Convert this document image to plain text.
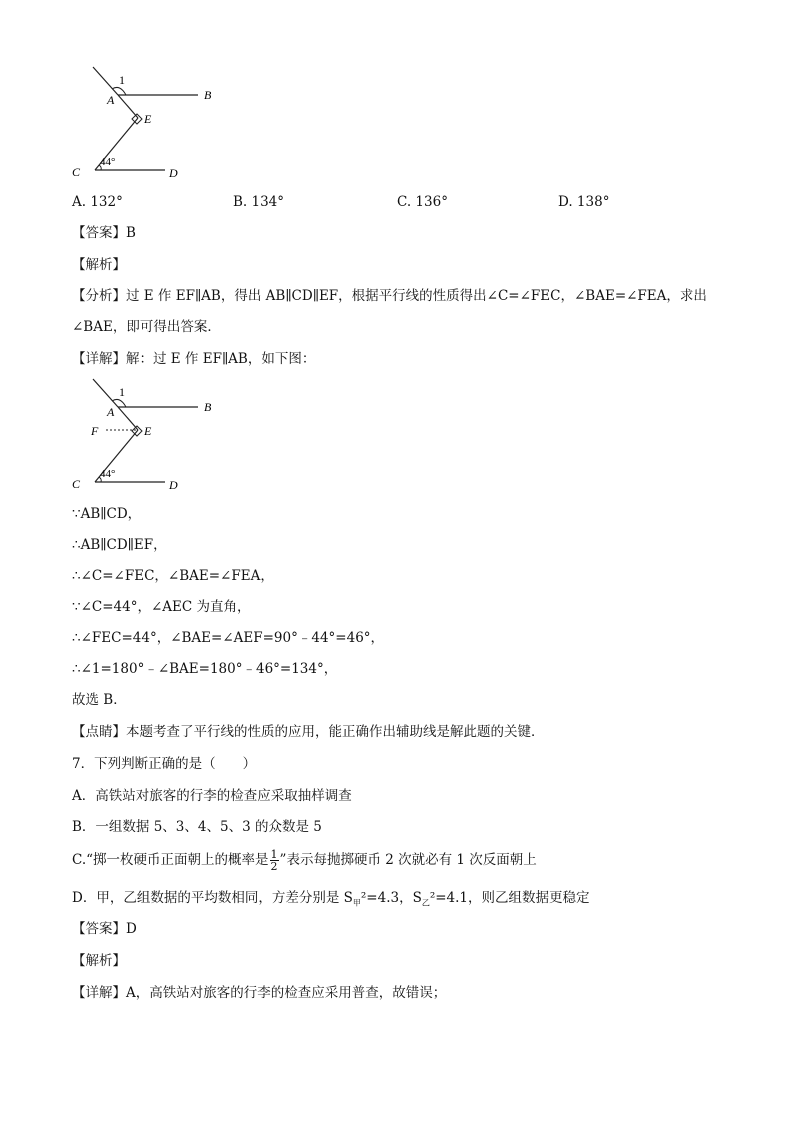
1
A	B
E
C	D
44°
A. 132°	B. 134°	C. 136°	D. 138°
【答案】B
【解析】
【分析】过 E 作 EF∥AB，得出 AB∥CD∥EF，根据平行线的性质得出∠C=∠FEC，∠BAE=∠FEA，求出
∠BAE，即可得出答案．
【详解】解：过 E 作 EF∥AB，如下图：
1
A	B
F	E
C	D
44°
∵AB∥CD，
∴AB∥CD∥EF，
∴∠C=∠FEC，∠BAE=∠FEA，
∵∠C=44°，∠AEC 为直角，
∴∠FEC=44°，∠BAE=∠AEF=90°﹣44°=46°，
∴∠1=180°﹣∠BAE=180°﹣46°=134°，
故选 B．
【点睛】本题考查了平行线的性质的应用，能正确作出辅助线是解此题的关键．
7．下列判断正确的是（　　）
A．高铁站对旅客的行李的检查应采取抽样调查
B．一组数据 5、3、4、5、3 的众数是 5
C.“掷一枚硬币正面朝上的概率是 $\frac{1}{2}$ ”表示每抛掷硬币 2 次就必有 1 次反面朝上
D．甲，乙组数据的平均数相同，方差分别是 $S_甲^2=4.3$，$S_乙^2=4.1$，则乙组数据更稳定
【答案】D
【解析】
【详解】A，高铁站对旅客的行李的检查应采用普查，故错误；
